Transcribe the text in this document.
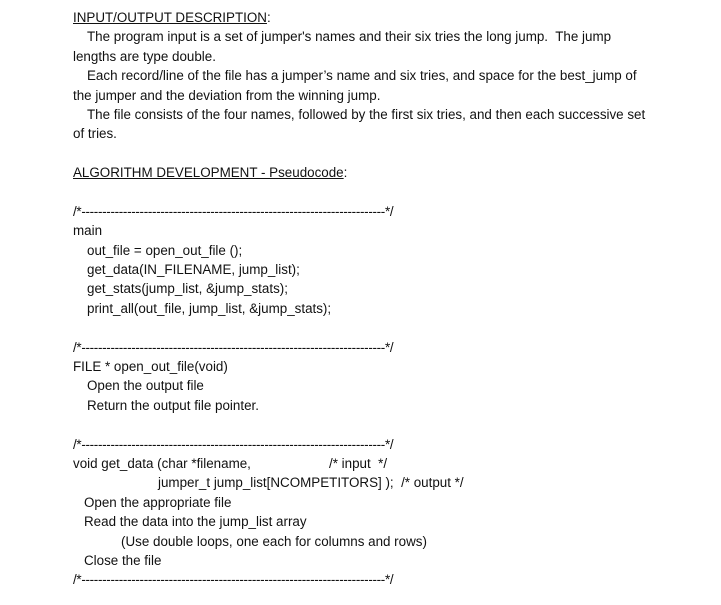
INPUT/OUTPUT DESCRIPTION:
The program input is a set of jumper's names and their six tries the long jump.  The jump
lengths are type double.
Each record/line of the file has a jumper’s name and six tries, and space for the best_jump of
the jumper and the deviation from the winning jump.
The file consists of the four names, followed by the first six tries, and then each successive set
of tries.
ALGORITHM DEVELOPMENT - Pseudocode:
/*-------------------------------------------------------------------------*/
main
out_file = open_out_file ();
get_data(IN_FILENAME, jump_list);
get_stats(jump_list, &jump_stats);
print_all(out_file, jump_list, &jump_stats);
/*-------------------------------------------------------------------------*/
FILE * open_out_file(void)
Open the output file
Return the output file pointer.
/*-------------------------------------------------------------------------*/
void get_data (char *filename,                     /* input  */
jumper_t jump_list[NCOMPETITORS] );  /* output */
Open the appropriate file
Read the data into the jump_list array
(Use double loops, one each for columns and rows)
Close the file
/*-------------------------------------------------------------------------*/
